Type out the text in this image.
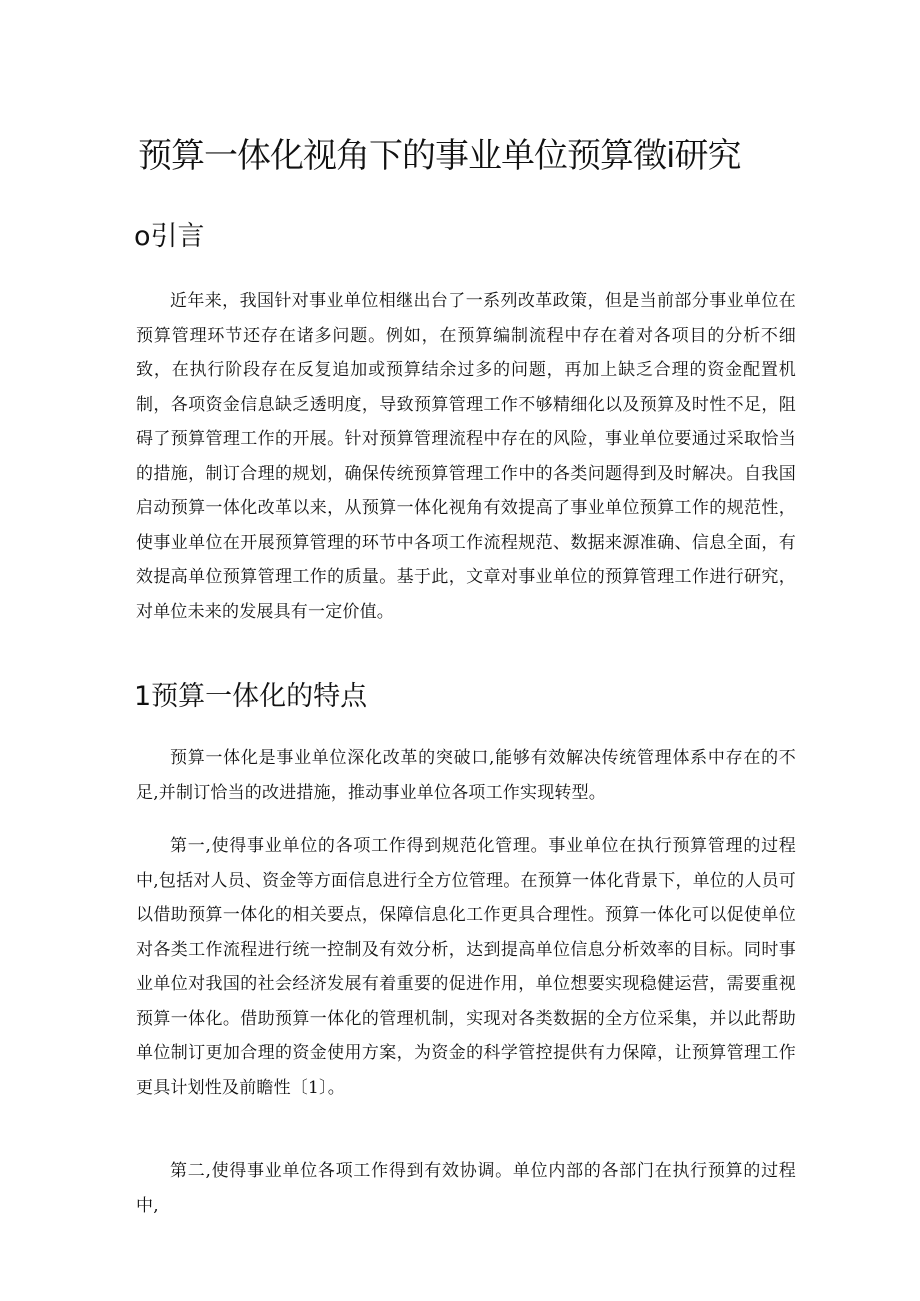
预算一体化视角下的事业单位预算徵i研究
o引言

近年来，我国针对事业单位相继出台了一系列改革政策，但是当前部分事业单位在预算管理环节还存在诸多问题。例如，在预算编制流程中存在着对各项目的分析不细致，在执行阶段存在反复追加或预算结余过多的问题，再加上缺乏合理的资金配置机制，各项资金信息缺乏透明度，导致预算管理工作不够精细化以及预算及时性不足，阻碍了预算管理工作的开展。针对预算管理流程中存在的风险，事业单位要通过采取恰当的措施，制订合理的规划，确保传统预算管理工作中的各类问题得到及时解决。自我国启动预算一体化改革以来，从预算一体化视角有效提高了事业单位预算工作的规范性，使事业单位在开展预算管理的环节中各项工作流程规范、数据来源准确、信息全面，有效提高单位预算管理工作的质量。基于此，文章对事业单位的预算管理工作进行研究，对单位未来的发展具有一定价值。

1预算一体化的特点

预算一体化是事业单位深化改革的突破口,能够有效解决传统管理体系中存在的不足,并制订恰当的改进措施，推动事业单位各项工作实现转型。

第一,使得事业单位的各项工作得到规范化管理。事业单位在执行预算管理的过程中,包括对人员、资金等方面信息进行全方位管理。在预算一体化背景下，单位的人员可以借助预算一体化的相关要点，保障信息化工作更具合理性。预算一体化可以促使单位对各类工作流程进行统一控制及有效分析，达到提高单位信息分析效率的目标。同时事业单位对我国的社会经济发展有着重要的促进作用，单位想要实现稳健运营，需要重视预算一体化。借助预算一体化的管理机制，实现对各类数据的全方位采集，并以此帮助单位制订更加合理的资金使用方案，为资金的科学管控提供有力保障，让预算管理工作更具计划性及前瞻性〔1〕。

第二,使得事业单位各项工作得到有效协调。单位内部的各部门在执行预算的过程中,
